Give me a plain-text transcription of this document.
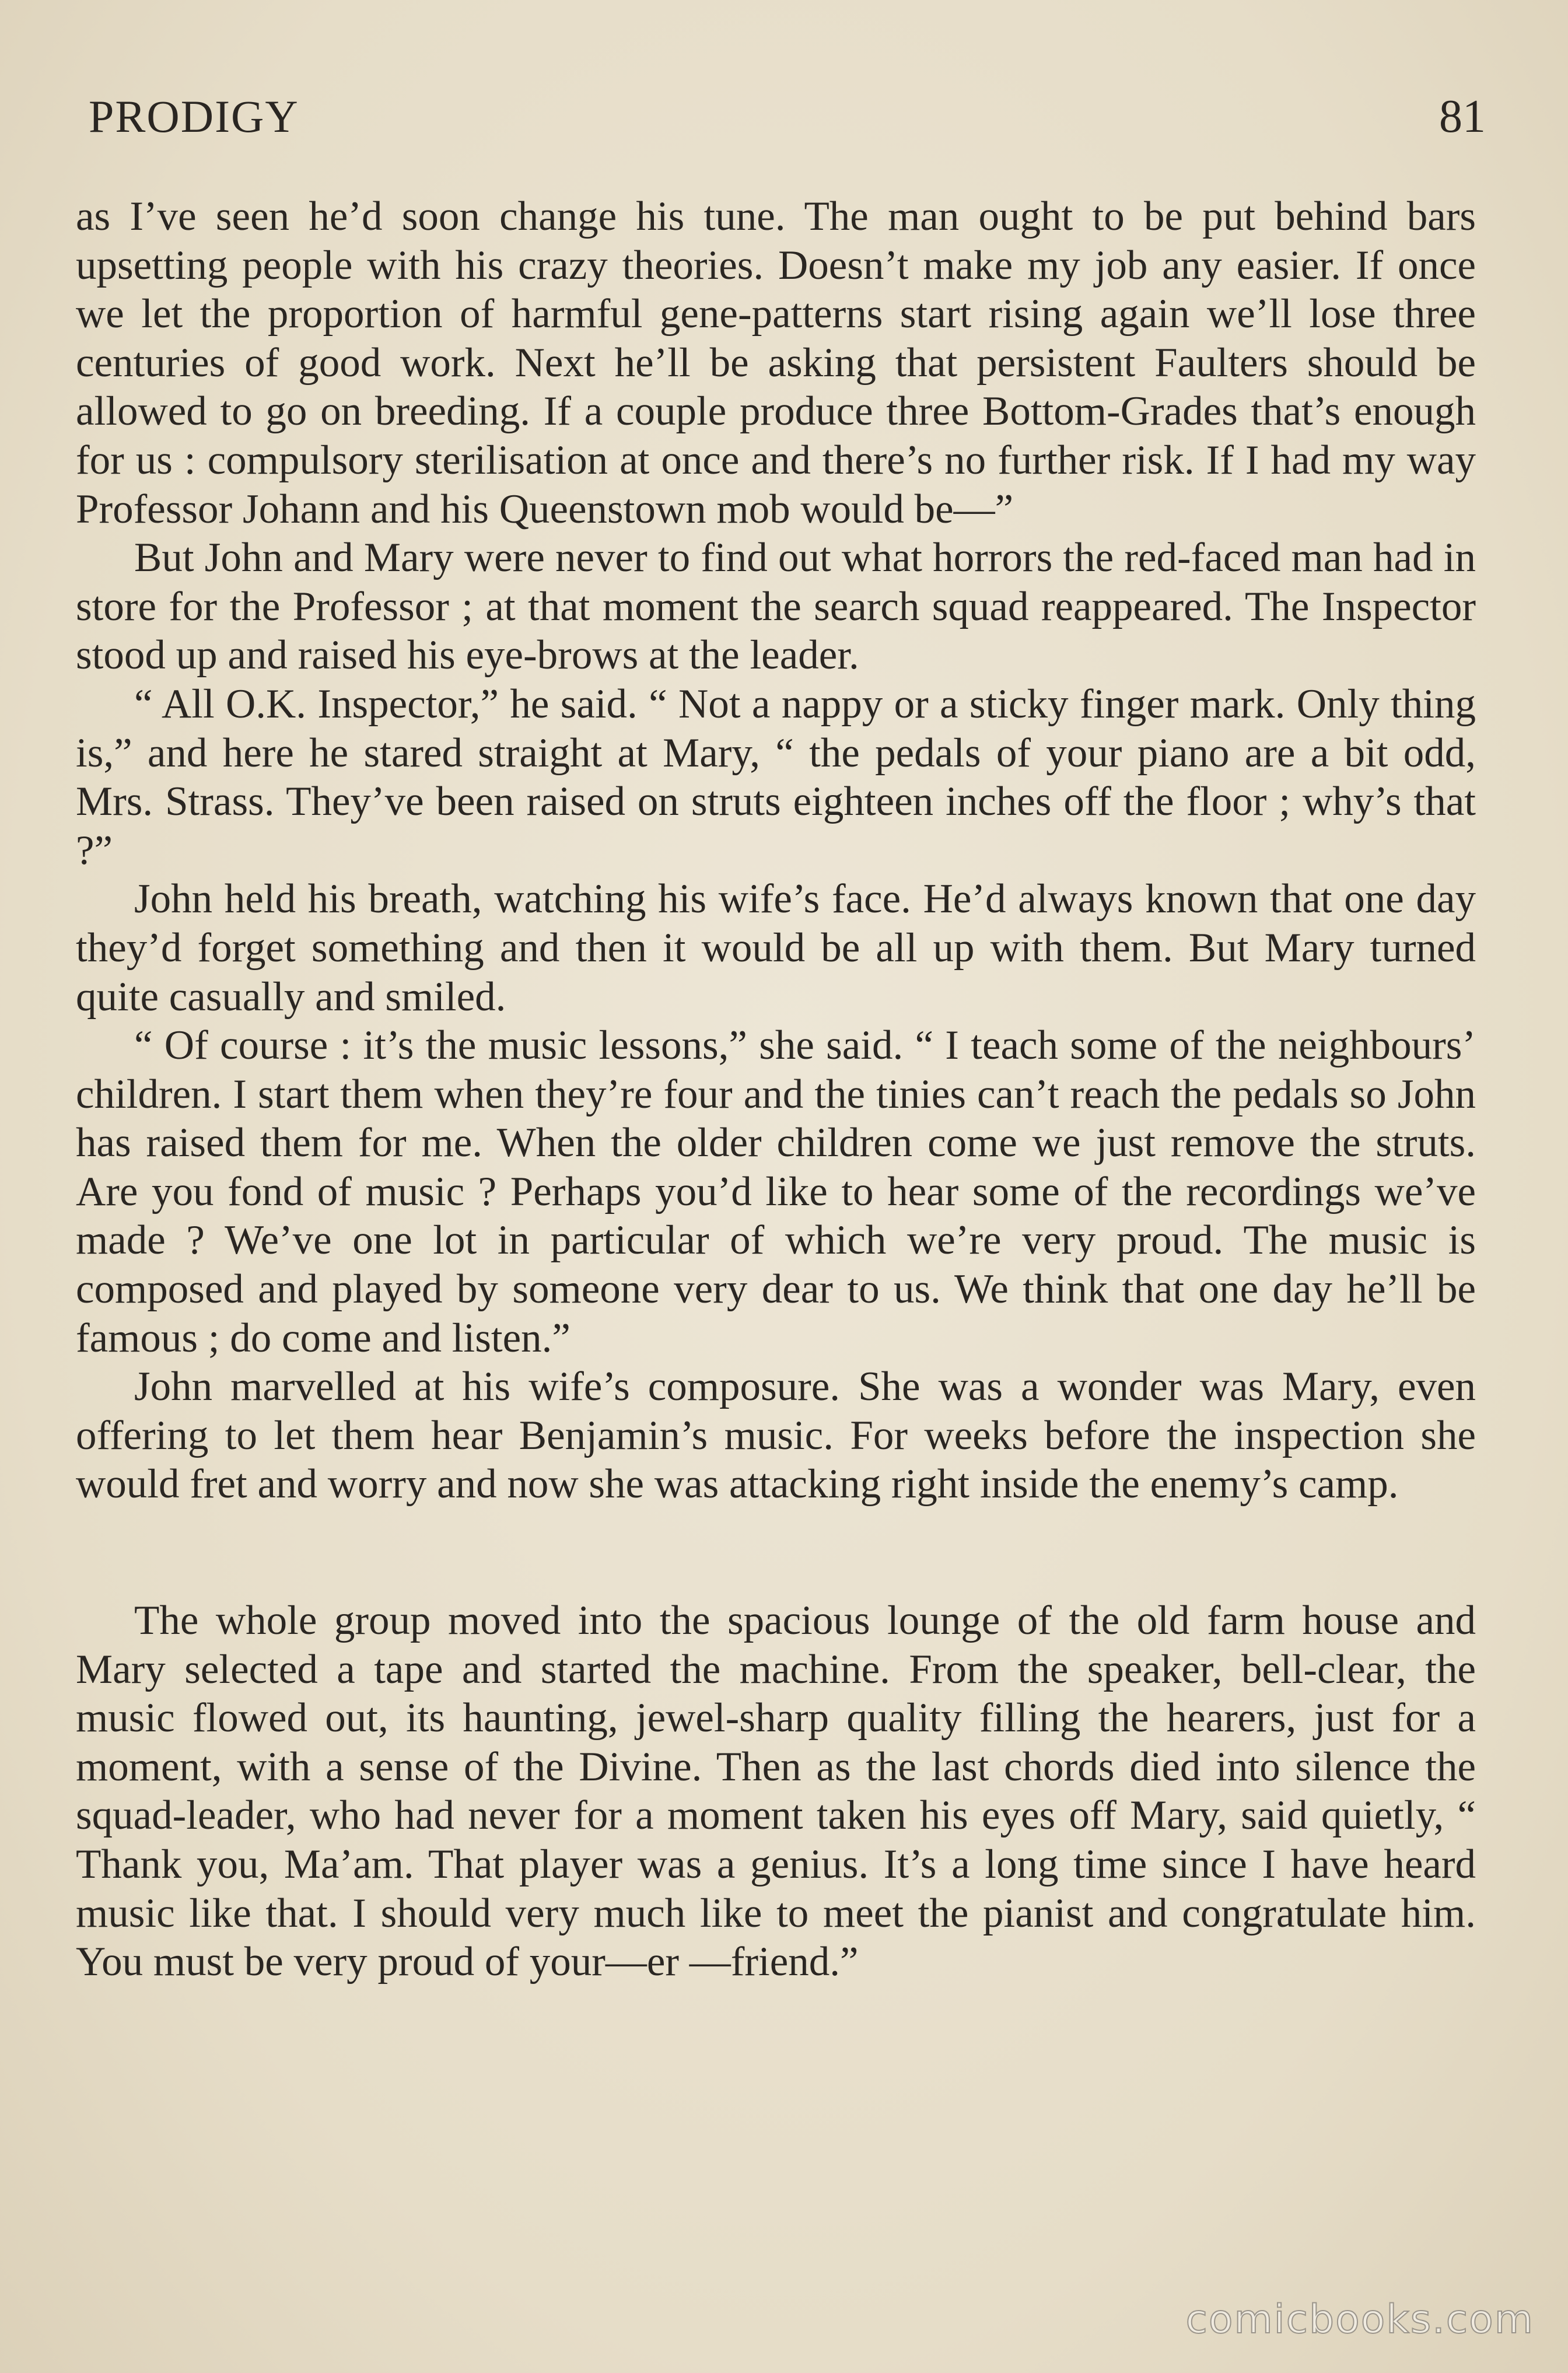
PRODIGY	81

as I’ve seen he’d soon change his tune. The man ought to be put behind bars upsetting people with his crazy theories. Doesn’t make my job any easier. If once we let the proportion of harmful gene-patterns start rising again we’ll lose three centuries of good work. Next he’ll be asking that persistent Faulters should be allowed to go on breeding. If a couple produce three Bottom-Grades that’s enough for us : compulsory sterilisation at once and there’s no further risk. If I had my way Professor Johann and his Queenstown mob would be—”

But John and Mary were never to find out what horrors the red-faced man had in store for the Professor ; at that moment the search squad reappeared. The Inspector stood up and raised his eye-brows at the leader.

“ All O.K. Inspector,” he said. “ Not a nappy or a sticky finger mark. Only thing is,” and here he stared straight at Mary, “ the pedals of your piano are a bit odd, Mrs. Strass. They’ve been raised on struts eighteen inches off the floor ; why’s that ?”

John held his breath, watching his wife’s face. He’d always known that one day they’d forget something and then it would be all up with them. But Mary turned quite casually and smiled.

“ Of course : it’s the music lessons,” she said. “ I teach some of the neighbours’ children. I start them when they’re four and the tinies can’t reach the pedals so John has raised them for me. When the older children come we just remove the struts. Are you fond of music ? Perhaps you’d like to hear some of the recordings we’ve made ? We’ve one lot in particular of which we’re very proud. The music is composed and played by someone very dear to us. We think that one day he’ll be famous ; do come and listen.”

John marvelled at his wife’s composure. She was a wonder was Mary, even offering to let them hear Benjamin’s music. For weeks before the inspection she would fret and worry and now she was attacking right inside the enemy’s camp.

The whole group moved into the spacious lounge of the old farm house and Mary selected a tape and started the machine. From the speaker, bell-clear, the music flowed out, its haunting, jewel-sharp quality filling the hearers, just for a moment, with a sense of the Divine. Then as the last chords died into silence the squad-leader, who had never for a moment taken his eyes off Mary, said quietly, “ Thank you, Ma’am. That player was a genius. It’s a long time since I have heard music like that. I should very much like to meet the pianist and congratulate him. You must be very proud of your—er —friend.”

comicbooks.com
